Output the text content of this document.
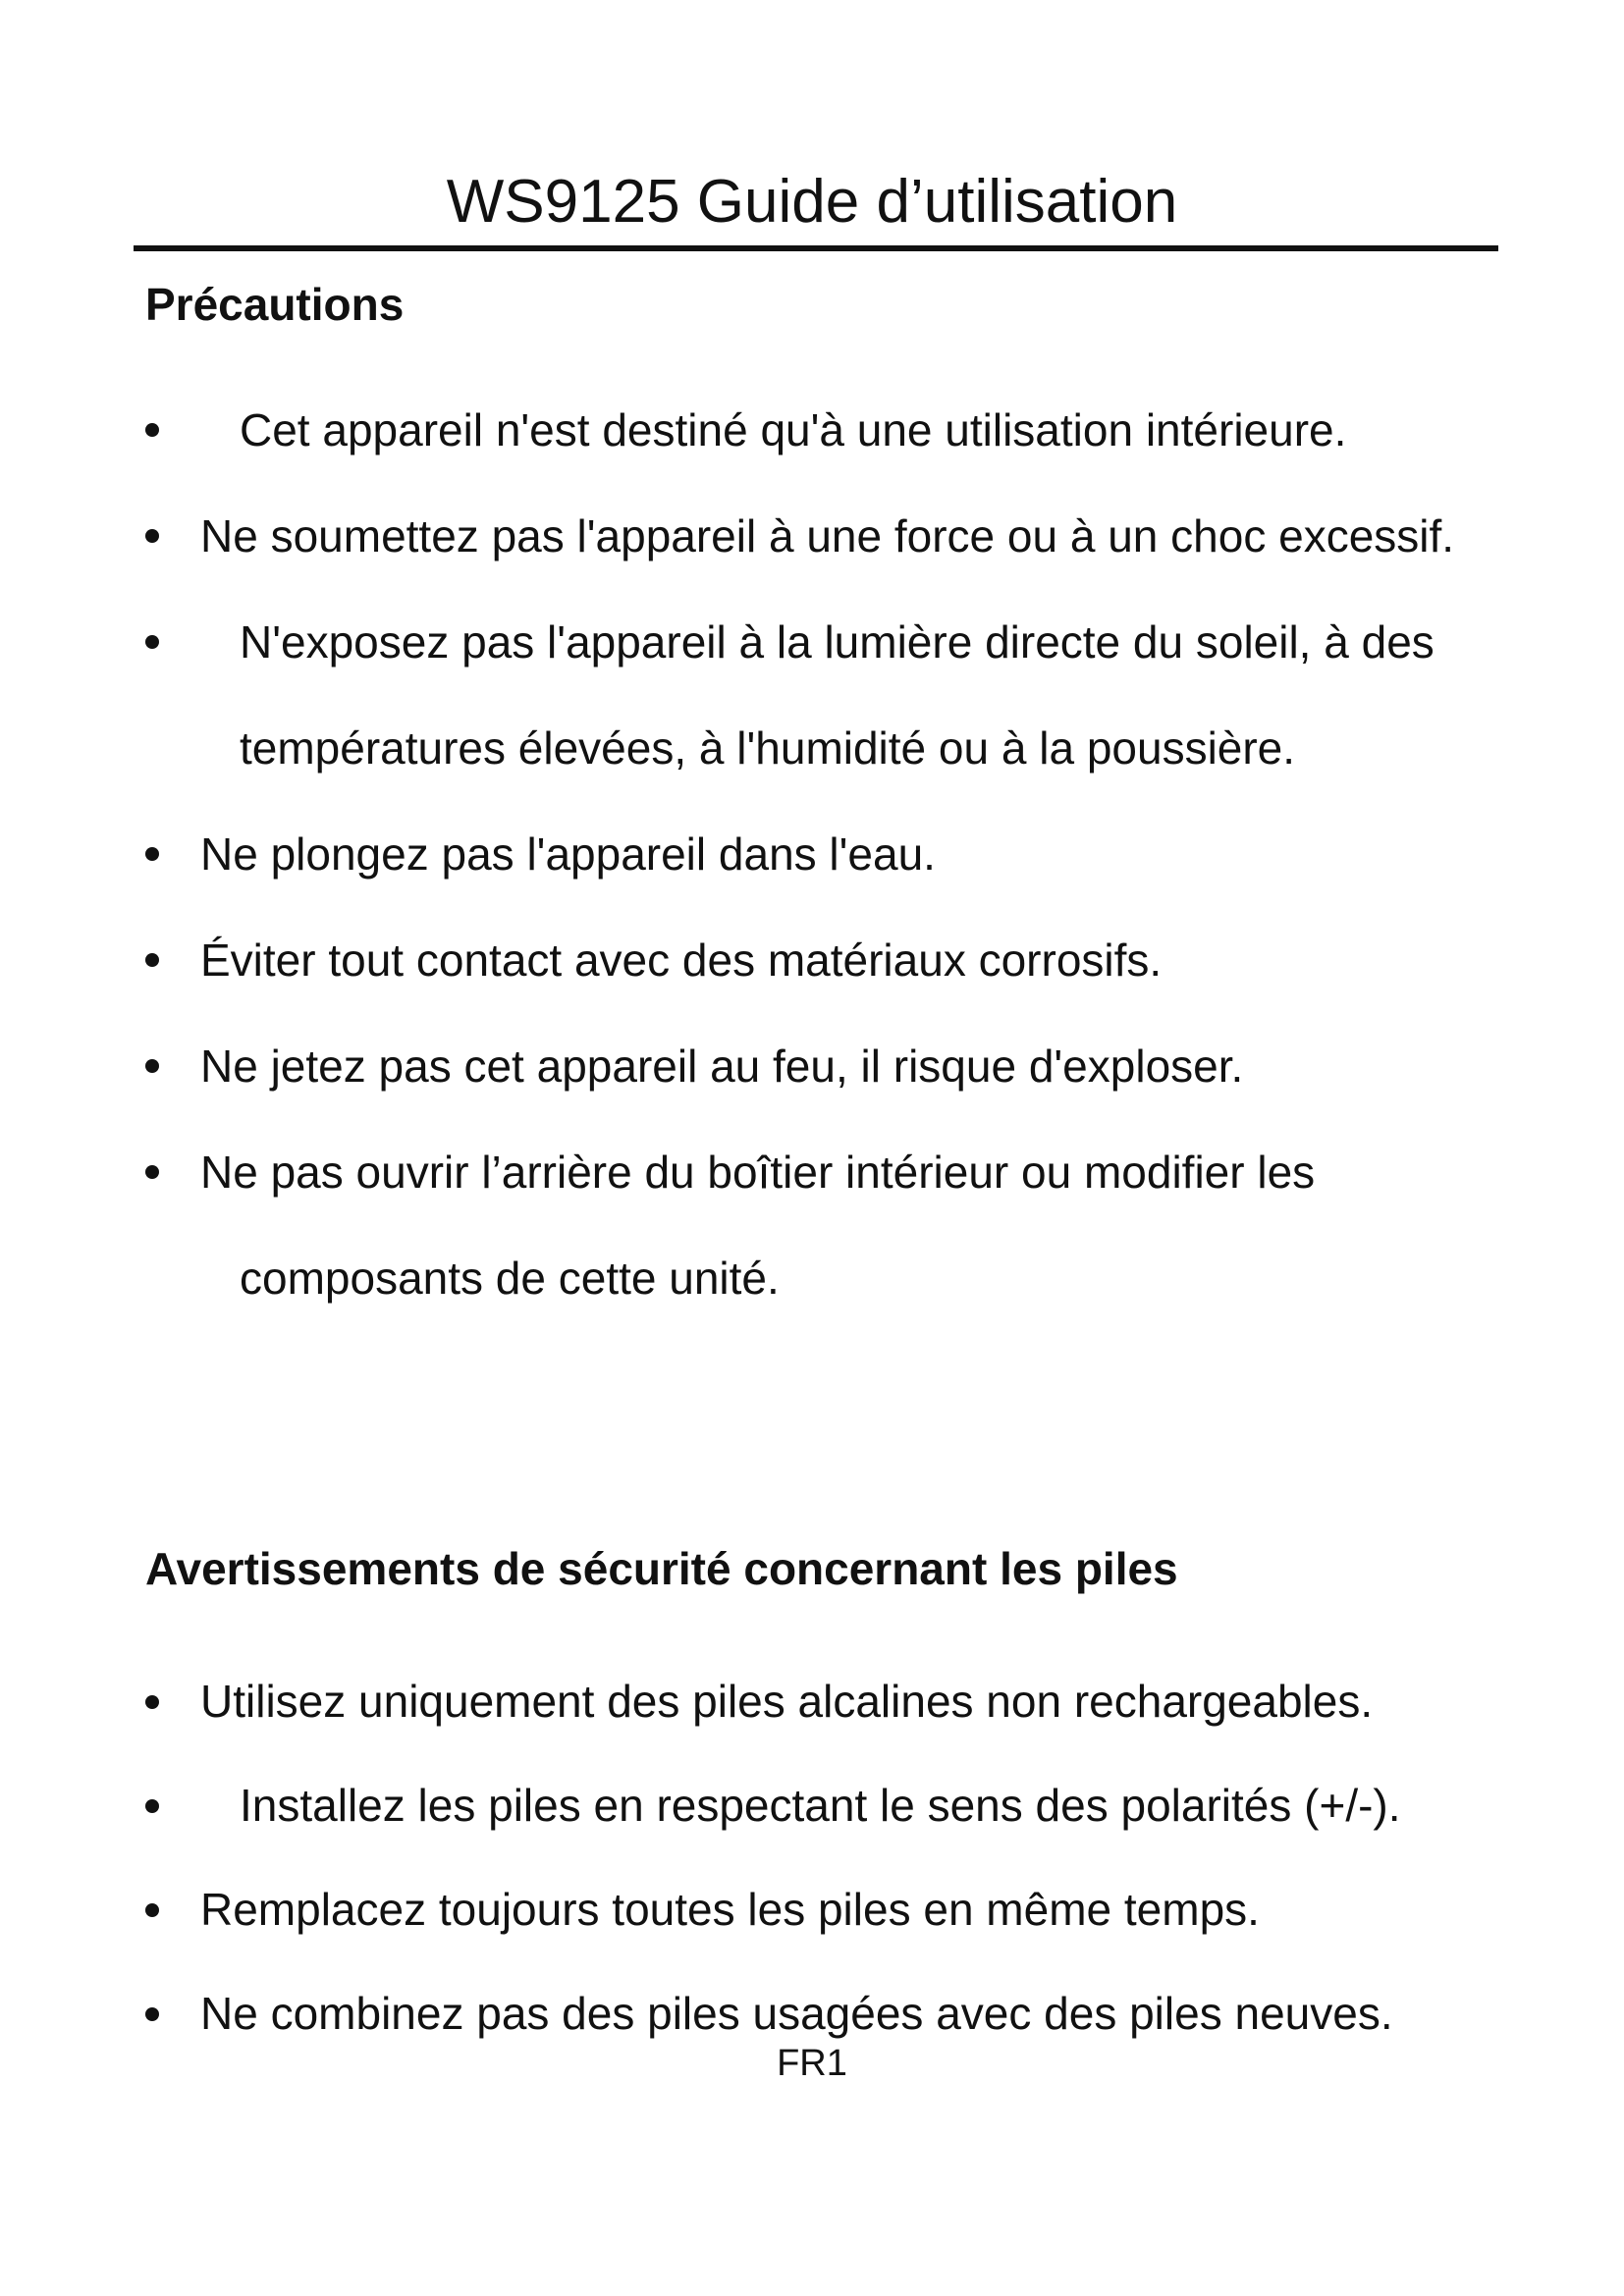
WS9125 Guide d’utilisation
Précautions
Cet appareil n'est destiné qu'à une utilisation intérieure.
Ne soumettez pas l'appareil à une force ou à un choc excessif.
N'exposez pas l'appareil à la lumière directe du soleil, à des températures élevées, à l'humidité ou à la poussière.
Ne plongez pas l'appareil dans l'eau.
Éviter tout contact avec des matériaux corrosifs.
Ne jetez pas cet appareil au feu, il risque d'exploser.
Ne pas ouvrir l’arrière du boîtier intérieur ou modifier les composants de cette unité.
Avertissements de sécurité concernant les piles
Utilisez uniquement des piles alcalines non rechargeables.
Installez les piles en respectant le sens des polarités (+/-).
Remplacez toujours toutes les piles en même temps.
Ne combinez pas des piles usagées avec des piles neuves.
FR1
